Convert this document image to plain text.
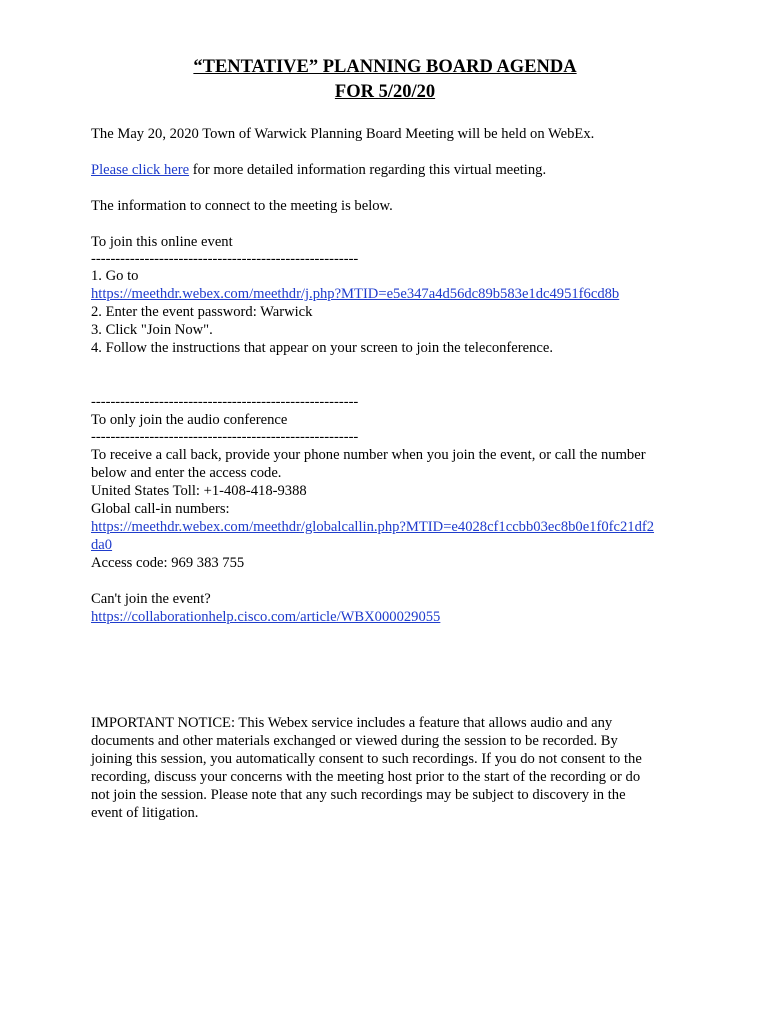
“TENTATIVE” PLANNING BOARD AGENDA
FOR 5/20/20
The May 20, 2020 Town of Warwick Planning Board Meeting will be held on WebEx.
Please click here for more detailed information regarding this virtual meeting.
The information to connect to the meeting is below.
To join this online event
-------------------------------------------------------
1. Go to
https://meethdr.webex.com/meethdr/j.php?MTID=e5e347a4d56dc89b583e1dc4951f6cd8b
2. Enter the event password: Warwick
3. Click "Join Now".
4. Follow the instructions that appear on your screen to join the teleconference.
-------------------------------------------------------
To only join the audio conference
-------------------------------------------------------
To receive a call back, provide your phone number when you join the event, or call the number
below and enter the access code.
United States Toll: +1-408-418-9388
Global call-in numbers:
https://meethdr.webex.com/meethdr/globalcallin.php?MTID=e4028cf1ccbb03ec8b0e1f0fc21df2
da0
Access code: 969 383 755
Can't join the event?
https://collaborationhelp.cisco.com/article/WBX000029055
IMPORTANT NOTICE: This Webex service includes a feature that allows audio and any
documents and other materials exchanged or viewed during the session to be recorded. By
joining this session, you automatically consent to such recordings. If you do not consent to the
recording, discuss your concerns with the meeting host prior to the start of the recording or do
not join the session. Please note that any such recordings may be subject to discovery in the
event of litigation.
